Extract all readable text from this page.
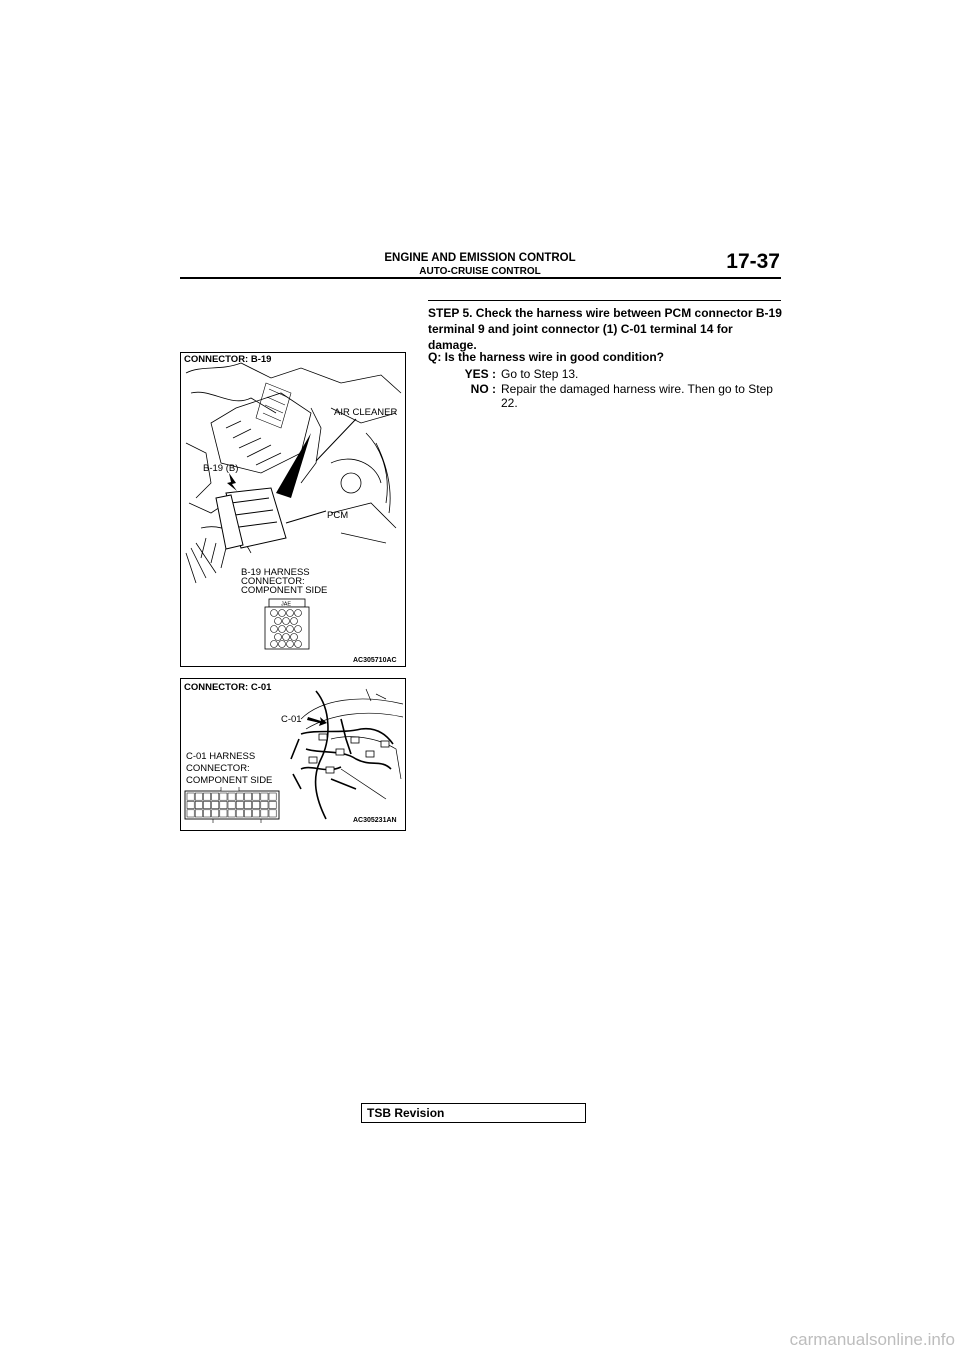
ENGINE AND EMISSION CONTROL
AUTO-CRUISE CONTROL	17-37
STEP 5. Check the harness wire between PCM connector B-19 terminal 9 and joint connector (1) C-01 terminal 14 for damage.
Q: Is the harness wire in good condition?
YES : Go to Step 13.
NO : Repair the damaged harness wire. Then go to Step 22.
CONNECTOR: B-19
AIR CLEANER
B-19 (B)
PCM
B-19 HARNESS
CONNECTOR:
COMPONENT SIDE
JAE
AC305710AC
CONNECTOR: C-01
C-01
C-01 HARNESS
CONNECTOR:
COMPONENT SIDE
AC305231AN
TSB Revision
carmanualsonline.info
